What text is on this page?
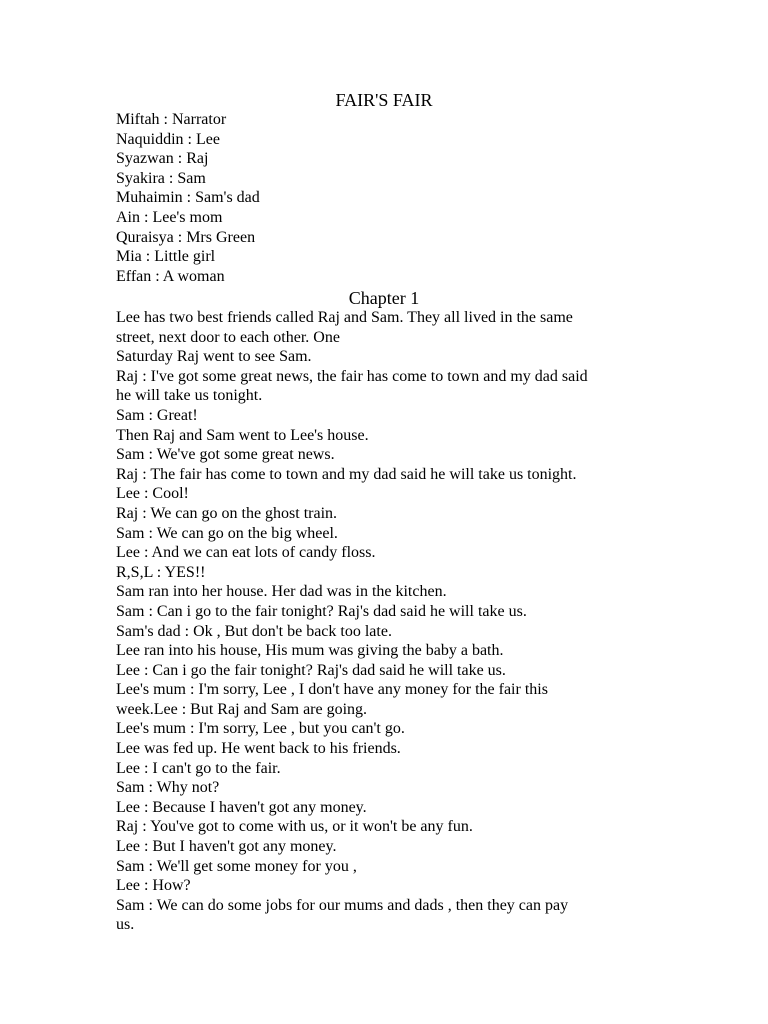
FAIR'S FAIR
Miftah : Narrator
Naquiddin : Lee
Syazwan : Raj
Syakira : Sam
Muhaimin : Sam's dad
Ain : Lee's mom
Quraisya : Mrs Green
Mia : Little girl
Effan : A woman
Chapter 1
Lee has two best friends called Raj and Sam. They all lived in the same
street, next door to each other. One
Saturday Raj went to see Sam.
Raj : I've got some great news, the fair has come to town and my dad said
he will take us tonight.
Sam : Great!
Then Raj and Sam went to Lee's house.
Sam : We've got some great news.
Raj : The fair has come to town and my dad said he will take us tonight.
Lee : Cool!
Raj : We can go on the ghost train.
Sam : We can go on the big wheel.
Lee : And we can eat lots of candy floss.
R,S,L : YES!!
Sam ran into her house. Her dad was in the kitchen.
Sam : Can i go to the fair tonight? Raj's dad said he will take us.
Sam's dad : Ok , But don't be back too late.
Lee ran into his house, His mum was giving the baby a bath.
Lee : Can i go the fair tonight? Raj's dad said he will take us.
Lee's mum : I'm sorry, Lee , I don't have any money for the fair this
week.Lee : But Raj and Sam are going.
Lee's mum : I'm sorry, Lee , but you can't go.
Lee was fed up. He went back to his friends.
Lee : I can't go to the fair.
Sam : Why not?
Lee : Because I haven't got any money.
Raj : You've got to come with us, or it won't be any fun.
Lee : But I haven't got any money.
Sam : We'll get some money for you ,
Lee : How?
Sam : We can do some jobs for our mums and dads , then they can pay
us.
